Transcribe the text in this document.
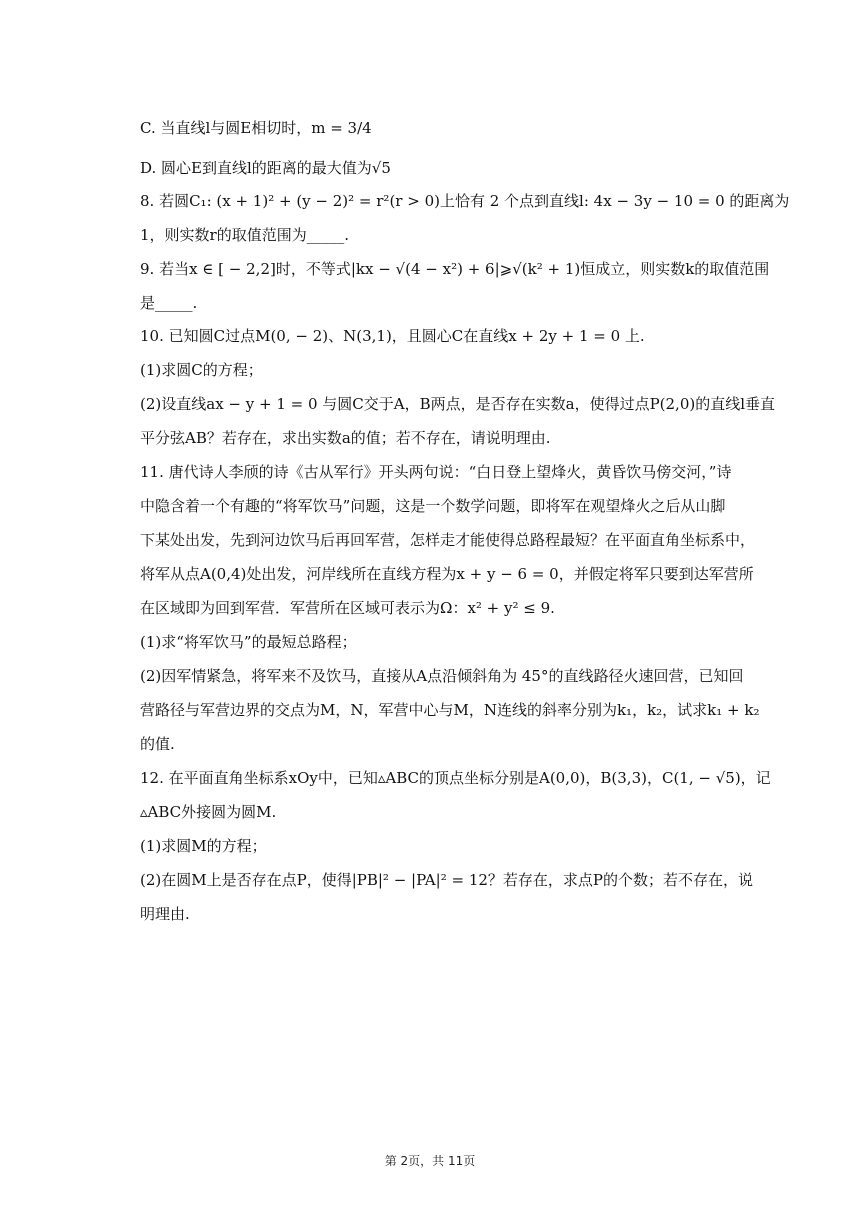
C. 当直线l与圆E相切时，m = 3/4
D. 圆心E到直线l的距离的最大值为√5
8. 若圆C₁: (x + 1)² + (y − 2)² = r²(r > 0)上恰有 2 个点到直线l: 4x − 3y − 10 = 0 的距离为
1，则实数r的取值范围为_____.
9. 若当x ∈ [ − 2,2]时，不等式|kx − √(4 − x²) + 6|⩾√(k² + 1)恒成立，则实数k的取值范围
是_____.
10. 已知圆C过点M(0, − 2)、N(3,1)，且圆心C在直线x + 2y + 1 = 0 上.
(1)求圆C的方程；
(2)设直线ax − y + 1 = 0 与圆C交于A，B两点，是否存在实数a，使得过点P(2,0)的直线l垂直
平分弦AB？若存在，求出实数a的值；若不存在，请说明理由.
11. 唐代诗人李颀的诗《古从军行》开头两句说：“白日登上望烽火，黄昏饮马傍交河，”诗
中隐含着一个有趣的“将军饮马”问题，这是一个数学问题，即将军在观望烽火之后从山脚
下某处出发，先到河边饮马后再回军营，怎样走才能使得总路程最短？在平面直角坐标系中，
将军从点A(0,4)处出发，河岸线所在直线方程为x + y − 6 = 0，并假定将军只要到达军营所
在区域即为回到军营．军营所在区域可表示为Ω：x² + y² ≤ 9.
(1)求“将军饮马”的最短总路程；
(2)因军情紧急，将军来不及饮马，直接从A点沿倾斜角为 45°的直线路径火速回营，已知回
营路径与军营边界的交点为M，N，军营中心与M，N连线的斜率分别为k₁，k₂，试求k₁ + k₂
的值.
12. 在平面直角坐标系xOy中，已知▵ABC的顶点坐标分别是A(0,0)，B(3,3)，C(1, − √5)，记
▵ABC外接圆为圆M.
(1)求圆M的方程；
(2)在圆M上是否存在点P，使得|PB|² − |PA|² = 12？若存在，求点P的个数；若不存在，说
明理由.
第 2页，共 11页
